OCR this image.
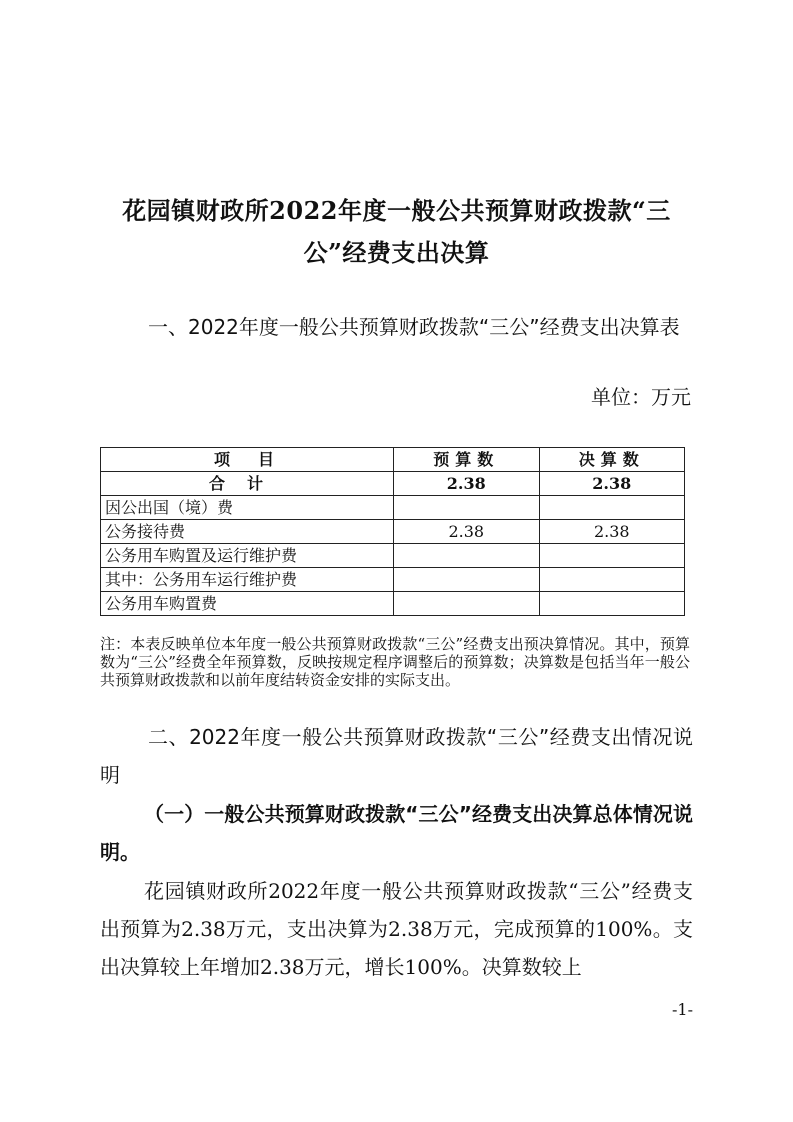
花园镇财政所2022年度一般公共预算财政拨款“三公”经费支出决算
一、2022年度一般公共预算财政拨款“三公”经费支出决算表
单位：万元
项　目	预算数	决算数
合计	2.38	2.38
因公出国（境）费		
公务接待费	2.38	2.38
公务用车购置及运行维护费		
其中：公务用车运行维护费		
公务用车购置费		
注：本表反映单位本年度一般公共预算财政拨款“三公”经费支出预决算情况。其中，预算数为“三公”经费全年预算数，反映按规定程序调整后的预算数；决算数是包括当年一般公共预算财政拨款和以前年度结转资金安排的实际支出。
二、2022年度一般公共预算财政拨款“三公”经费支出情况说明
（一）一般公共预算财政拨款“三公”经费支出决算总体情况说明。
花园镇财政所2022年度一般公共预算财政拨款“三公”经费支出预算为2.38万元，支出决算为2.38万元，完成预算的100%。支出决算较上年增加2.38万元，增长100%。决算数较上
-1-
